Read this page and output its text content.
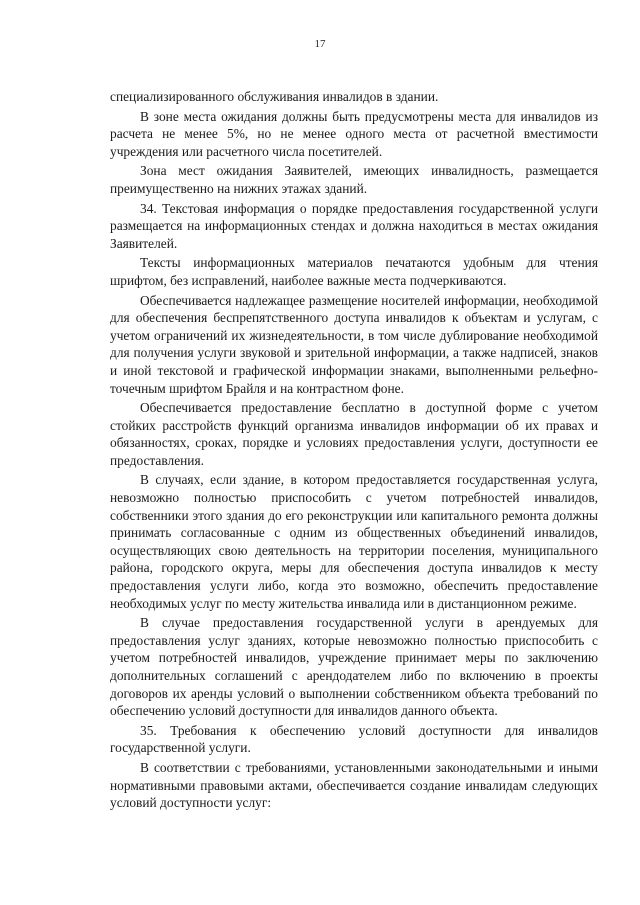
17

специализированного обслуживания инвалидов в здании.

В зоне места ожидания должны быть предусмотрены места для инвалидов из расчета не менее 5%, но не менее одного места от расчетной вместимости учреждения или расчетного числа посетителей.

Зона мест ожидания Заявителей, имеющих инвалидность, размещается преимущественно на нижних этажах зданий.

34. Текстовая информация о порядке предоставления государственной услуги размещается на информационных стендах и должна находиться в местах ожидания Заявителей.

Тексты информационных материалов печатаются удобным для чтения шрифтом, без исправлений, наиболее важные места подчеркиваются.

Обеспечивается надлежащее размещение носителей информации, необходимой для обеспечения беспрепятственного доступа инвалидов к объектам и услугам, с учетом ограничений их жизнедеятельности, в том числе дублирование необходимой для получения услуги звуковой и зрительной информации, а также надписей, знаков и иной текстовой и графической информации знаками, выполненными рельефно-точечным шрифтом Брайля и на контрастном фоне.

Обеспечивается предоставление бесплатно в доступной форме с учетом стойких расстройств функций организма инвалидов информации об их правах и обязанностях, сроках, порядке и условиях предоставления услуги, доступности ее предоставления.

В случаях, если здание, в котором предоставляется государственная услуга, невозможно полностью приспособить с учетом потребностей инвалидов, собственники этого здания до его реконструкции или капитального ремонта должны принимать согласованные с одним из общественных объединений инвалидов, осуществляющих свою деятельность на территории поселения, муниципального района, городского округа, меры для обеспечения доступа инвалидов к месту предоставления услуги либо, когда это возможно, обеспечить предоставление необходимых услуг по месту жительства инвалида или в дистанционном режиме.

В случае предоставления государственной услуги в арендуемых для предоставления услуг зданиях, которые невозможно полностью приспособить с учетом потребностей инвалидов, учреждение принимает меры по заключению дополнительных соглашений с арендодателем либо по включению в проекты договоров их аренды условий о выполнении собственником объекта требований по обеспечению условий доступности для инвалидов данного объекта.

35. Требования к обеспечению условий доступности для инвалидов государственной услуги.

В соответствии с требованиями, установленными законодательными и иными нормативными правовыми актами, обеспечивается создание инвалидам следующих условий доступности услуг:
